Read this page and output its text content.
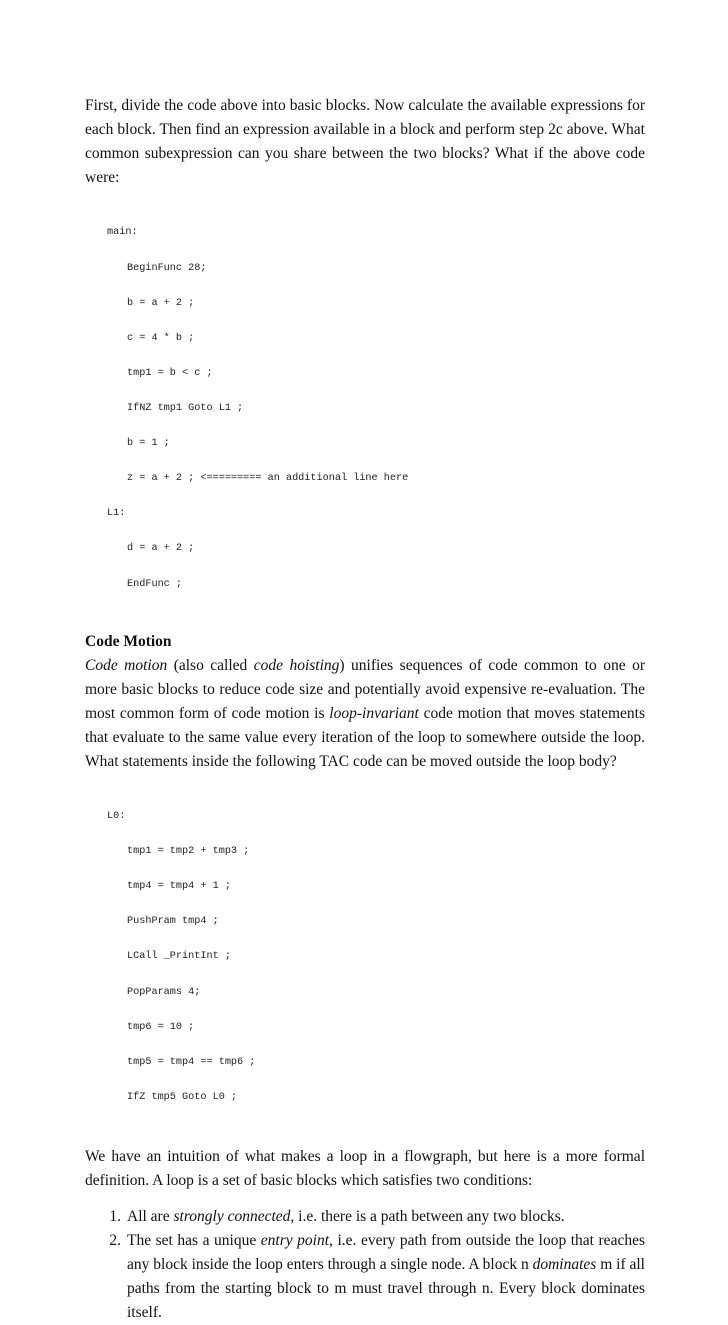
First, divide the code above into basic blocks. Now calculate the available expressions for each block. Then find an expression available in a block and perform step 2c above. What common subexpression can you share between the two blocks? What if the above code were:

main:

BeginFunc 28;

b = a + 2 ;

c = 4 * b ;

tmp1 = b < c ;

IfNZ tmp1 Goto L1 ;

b = 1 ;

z = a + 2 ; <========= an additional line here

L1:

d = a + 2 ;

EndFunc ;

Code Motion

Code motion (also called code hoisting) unifies sequences of code common to one or more basic blocks to reduce code size and potentially avoid expensive re-evaluation. The most common form of code motion is loop-invariant code motion that moves statements that evaluate to the same value every iteration of the loop to somewhere outside the loop. What statements inside the following TAC code can be moved outside the loop body?

L0:

tmp1 = tmp2 + tmp3 ;

tmp4 = tmp4 + 1 ;

PushPram tmp4 ;

LCall _PrintInt ;

PopParams 4;

tmp6 = 10 ;

tmp5 = tmp4 == tmp6 ;

IfZ tmp5 Goto L0 ;

We have an intuition of what makes a loop in a flowgraph, but here is a more formal definition. A loop is a set of basic blocks which satisfies two conditions:

1. All are strongly connected, i.e. there is a path between any two blocks.
2. The set has a unique entry point, i.e. every path from outside the loop that reaches any block inside the loop enters through a single node. A block n dominates m if all paths from the starting block to m must travel through n. Every block dominates itself.
